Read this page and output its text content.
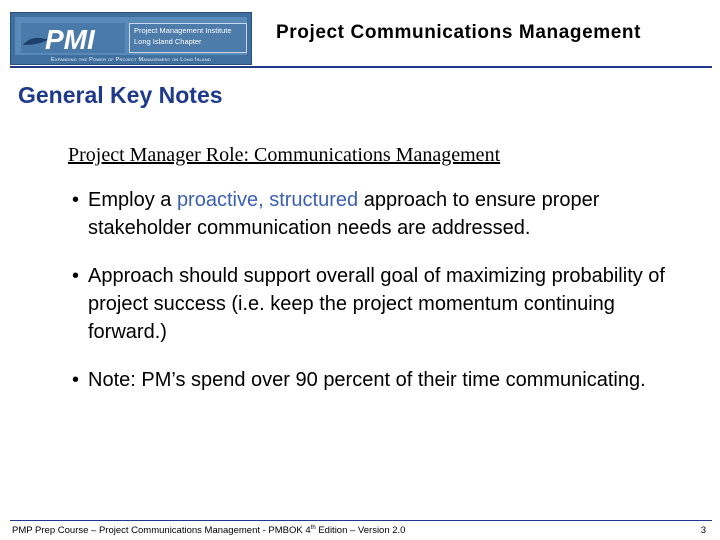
PMI	Project Management Institute
Long Island Chapter
Expanding the Power of Project Management on Long Island
Project Communications Management
General Key Notes
Project Manager Role: Communications Management
• Employ a proactive, structured approach to ensure proper stakeholder communication needs are addressed.
• Approach should support overall goal of maximizing probability of project success (i.e. keep the project momentum continuing forward.)
• Note: PM’s spend over 90 percent of their time communicating.
PMP Prep Course – Project Communications Management - PMBOK 4th Edition – Version 2.0	3
